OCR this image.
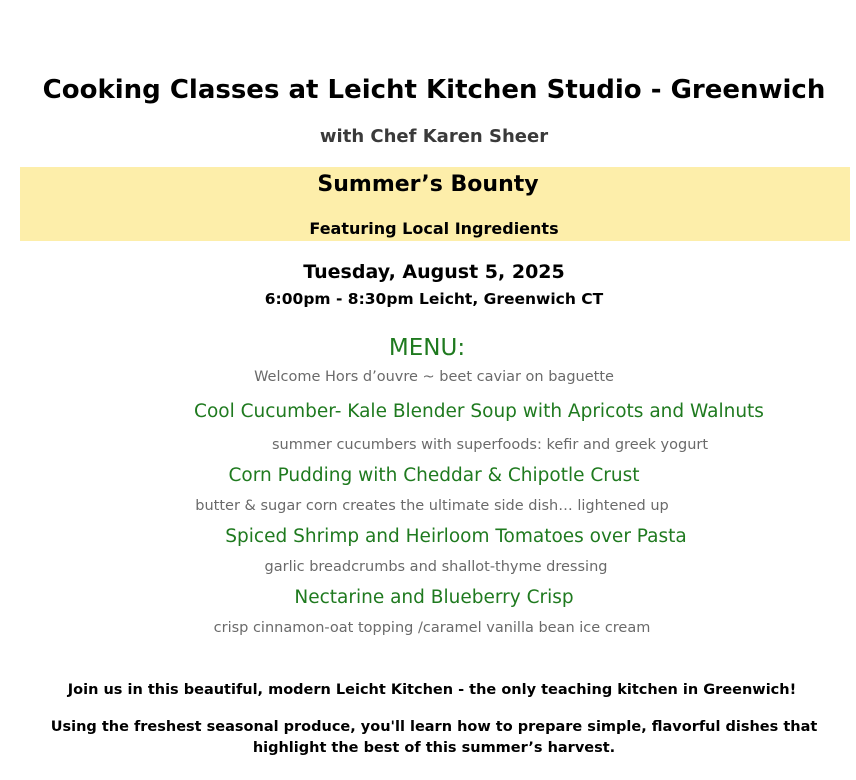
Cooking Classes at Leicht Kitchen Studio - Greenwich
with Chef Karen Sheer
Summer’s Bounty
Featuring Local Ingredients
Tuesday, August 5, 2025
6:00pm - 8:30pm Leicht, Greenwich CT
MENU:
Welcome Hors d’ouvre ~ beet caviar on baguette
Cool Cucumber- Kale Blender Soup with Apricots and Walnuts
summer cucumbers with superfoods: kefir and greek yogurt
Corn Pudding with Cheddar & Chipotle Crust
butter & sugar corn creates the ultimate side dish… lightened up
Spiced Shrimp and Heirloom Tomatoes over Pasta
garlic breadcrumbs and shallot-thyme dressing
Nectarine and Blueberry Crisp
crisp cinnamon-oat topping /caramel vanilla bean ice cream
Join us in this beautiful, modern Leicht Kitchen - the only teaching kitchen in Greenwich!
Using the freshest seasonal produce, you'll learn how to prepare simple, flavorful dishes that
highlight the best of this summer’s harvest.
